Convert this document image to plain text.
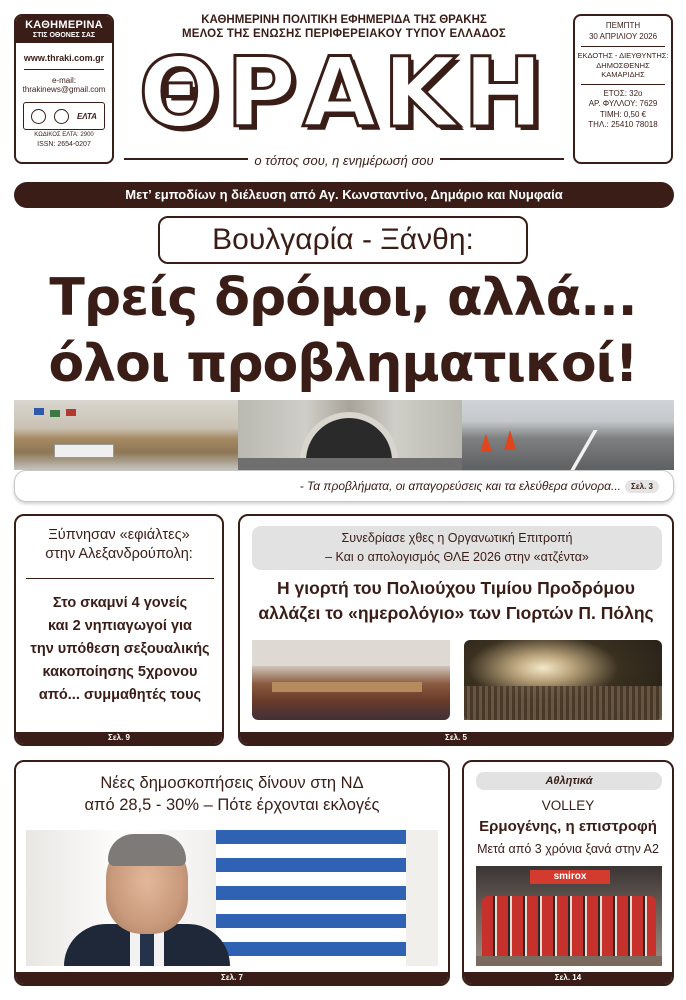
ΚΑΘΗΜΕΡΙΝΑ
ΣΤΙΣ ΟΘΟΝΕΣ ΣΑΣ
www.thraki.com.gr
e-mail:
thrakinews@gmail.com
ΕΛΤΑ
ΚΩΔΙΚΟΣ ΕΛΤΑ: 2900
ISSN: 2654-0207
ΚΑΘΗΜΕΡΙΝΗ ΠΟΛΙΤΙΚΗ ΕΦΗΜΕΡΙΔΑ ΤΗΣ ΘΡΑΚΗΣ
ΜΕΛΟΣ ΤΗΣ ΕΝΩΣΗΣ ΠΕΡΙΦΕΡΕΙΑΚΟΥ ΤΥΠΟΥ ΕΛΛΑΔΟΣ
ΘΡΑΚΗ
ο τόπος σου, η ενημέρωσή σου
ΠΕΜΠΤΗ
30 ΑΠΡΙΛΙΟΥ 2026
ΕΚΔΟΤΗΣ - ΔΙΕΥΘΥΝΤΗΣ:
ΔΗΜΟΣΘΕΝΗΣ
ΚΑΜΑΡΙΔΗΣ
ΕΤΟΣ: 32ο
ΑΡ. ΦΥΛΛΟΥ: 7629
ΤΙΜΗ: 0,50 €
ΤΗΛ.: 25410 78018
Μετ’ εμποδίων η διέλευση από Αγ. Κωνσταντίνο, Δημάριο και Νυμφαία
Βουλγαρία - Ξάνθη:
Τρείς δρόμοι, αλλά...
όλοι προβληματικοί!
- Τα προβλήματα, οι απαγορεύσεις και τα ελεύθερα σύνορα...	Σελ. 3
Ξύπνησαν «εφιάλτες»
στην Αλεξανδρούπολη:
Στο σκαμνί 4 γονείς
και 2 νηπιαγωγοί για
την υπόθεση σεξουαλικής
κακοποίησης 5χρονου
από... συμμαθητές τους
Σελ. 9
Συνεδρίασε χθες η Οργανωτική Επιτροπή
– Και ο απολογισμός ΘΛΕ 2026 στην «ατζέντα»
Η γιορτή του Πολιούχου Τιμίου Προδρόμου
αλλάζει το «ημερολόγιο» των Γιορτών Π. Πόλης
Σελ. 5
Νέες δημοσκοπήσεις δίνουν στη ΝΔ
από 28,5 - 30% – Πότε έρχονται εκλογές
Σελ. 7
Αθλητικά
VOLLEY
Ερμογένης, η επιστροφή
Μετά από 3 χρόνια ξανά στην Α2
smirox
Σελ. 14
